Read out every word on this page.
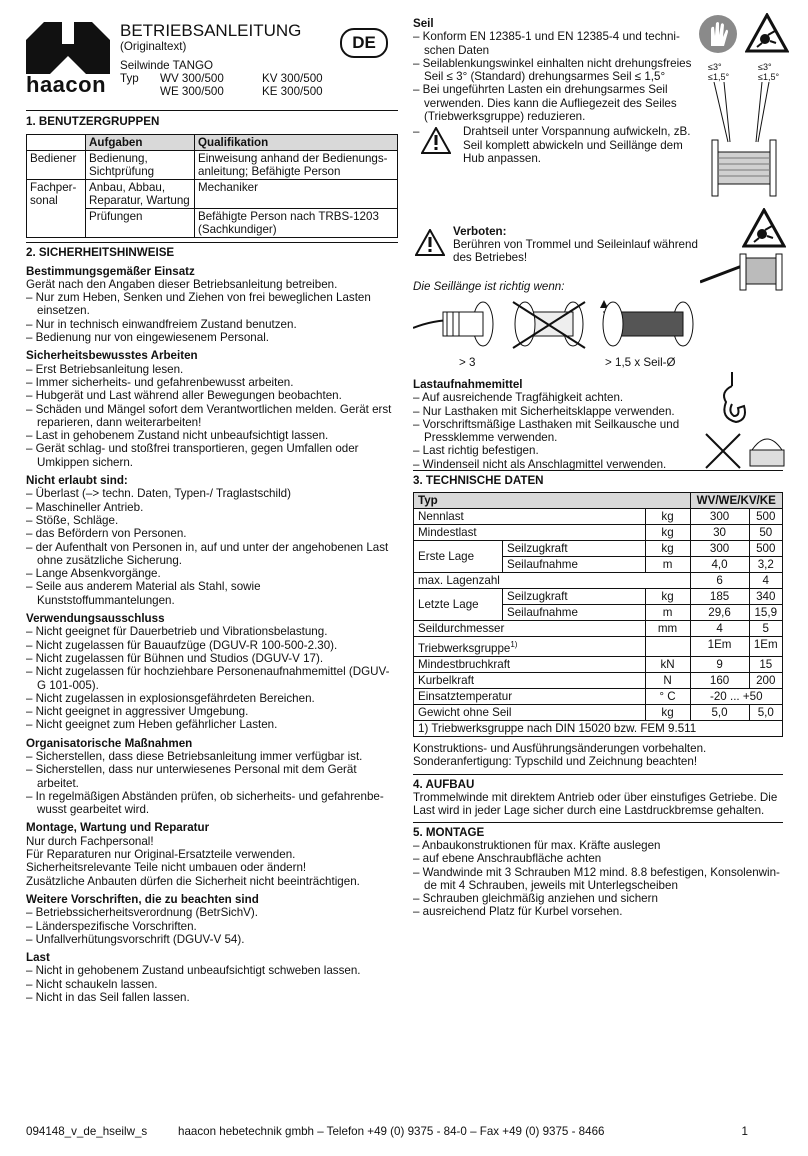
haacon
BETRIEBSANLEITUNG
(Originaltext)
Seilwinde TANGO
Typ WV 300/500	KV 300/500
WE 300/500	KE 300/500
DE

1. BENUTZERGRUPPEN

	Aufgaben	Qualifikation
Bediener	Bedienung, Sichtprüfung	Einweisung anhand der Bedienungs-anleitung; Befähigte Person
Fachper-sonal	Anbau, Abbau, Reparatur, Wartung	Mechaniker
	Prüfungen	Befähigte Person nach TRBS-1203 (Sachkundiger)

2. SICHERHEITSHINWEISE

Bestimmungsgemäßer Einsatz

Gerät nach den Angaben dieser Betriebsanleitung betreiben.

– Nur zum Heben, Senken und Ziehen von frei beweglichen Lasten einsetzen.

– Nur in technisch einwandfreiem Zustand benutzen.

– Bedienung nur von eingewiesenem Personal.

Sicherheitsbewusstes Arbeiten

– Erst Betriebsanleitung lesen.

– Immer sicherheits- und gefahrenbewusst arbeiten.

– Hubgerät und Last während aller Bewegungen beobachten.

– Schäden und Mängel sofort dem Verantwortlichen melden. Gerät erst reparieren, dann weiterarbeiten!

– Last in gehobenem Zustand nicht unbeaufsichtigt lassen.

– Gerät schlag- und stoßfrei transportieren, gegen Umfallen oder Umkippen sichern.

Nicht erlaubt sind:

– Überlast (–> techn. Daten, Typen-/ Traglastschild)

– Maschineller Antrieb.

– Stöße, Schläge.

– das Befördern von Personen.

– der Aufenthalt von Personen in, auf und unter der angehobenen Last ohne zusätzliche Sicherung.

– Lange Absenkvorgänge.

– Seile aus anderem Material als Stahl, sowie Kunststoffummantelungen.

Verwendungsausschluss

– Nicht geeignet für Dauerbetrieb und Vibrationsbelastung.

– Nicht zugelassen für Bauaufzüge (DGUV-R 100-500-2.30).

– Nicht zugelassen für Bühnen und Studios (DGUV-V 17).

– Nicht zugelassen für hochziehbare Personenaufnahmemittel (DGUV-G 101-005).

– Nicht zugelassen in explosionsgefährdeten Bereichen.

– Nicht geeignet in aggressiver Umgebung.

– Nicht geeignet zum Heben gefährlicher Lasten.

Organisatorische Maßnahmen

– Sicherstellen, dass diese Betriebsanleitung immer verfügbar ist.

– Sicherstellen, dass nur unterwiesenes Personal mit dem Gerät arbeitet.

– In regelmäßigen Abständen prüfen, ob sicherheits- und gefahrenbe-wusst gearbeitet wird.

Montage, Wartung und Reparatur

Nur durch Fachpersonal!

Für Reparaturen nur Original-Ersatzteile verwenden.

Sicherheitsrelevante Teile nicht umbauen oder ändern!

Zusätzliche Anbauten dürfen die Sicherheit nicht beeinträchtigen.

Weitere Vorschriften, die zu beachten sind

– Betriebssicherheitsverordnung (BetrSichV).

– Länderspezifische Vorschriften.

– Unfallverhütungsvorschrift (DGUV-V 54).

Last

– Nicht in gehobenem Zustand unbeaufsichtigt schweben lassen.

– Nicht schaukeln lassen.

– Nicht in das Seil fallen lassen.

Seil

– Konform EN 12385-1 und EN 12385-4 und techni-schen Daten

– Seilablenkungswinkel einhalten nicht drehungsfreies Seil ≤ 3° (Standard) drehungsarmes Seil ≤ 1,5°

– Bei ungeführten Lasten ein drehungsarmes Seil verwenden. Dies kann die Aufliegezeit des Seiles (Triebwerksgruppe) reduzieren.

–	Drahtseil unter Vorspannung aufwickeln, zB. Seil komplett abwickeln und Seillänge dem Hub anpassen.

≤3°
≤1,5°
≤3°
≤1,5°

Verboten:

Berühren von Trommel und Seileinlauf während des Betriebes!

Die Seillänge ist richtig wenn:

> 3	> 1,5 x Seil-Ø

Lastaufnahmemittel

– Auf ausreichende Tragfähigkeit achten.

– Nur Lasthaken mit Sicherheitsklappe verwenden.

– Vorschriftsmäßige Lasthaken mit Seilkausche und Pressklemme verwenden.

– Last richtig befestigen.

– Windenseil nicht als Anschlagmittel verwenden.

3. TECHNISCHE DATEN

Typ			WV/WE/KV/KE	
Nennlast		kg	300	500
Mindestlast		kg	30	50
Erste Lage	Seilzugkraft	kg	300	500
	Seilaufnahme	m	4,0	3,2
max. Lagenzahl			6	4
Letzte Lage	Seilzugkraft	kg	185	340
	Seilaufnahme	m	29,6	15,9
Seildurchmesser		mm	4	5
Triebwerksgruppe$^{1)}$			1Em	1Em
Mindestbruchkraft		kN	9	15
Kurbelkraft		N	160	200
Einsatztemperatur		° C	-20 ... +50	
Gewicht ohne Seil		kg	5,0	5,0
1) Triebwerksgruppe nach DIN 15020 bzw. FEM 9.511				

Konstruktions- und Ausführungsänderungen vorbehalten.

Sonderanfertigung: Typschild und Zeichnung beachten!

4. AUFBAU

Trommelwinde mit direktem Antrieb oder über einstufiges Getriebe. Die Last wird in jeder Lage sicher durch eine Lastdruckbremse gehalten.

5. MONTAGE

– Anbaukonstruktionen für max. Kräfte auslegen

– auf ebene Anschraubfläche achten

– Wandwinde mit 3 Schrauben M12 mind. 8.8 befestigen, Konsolenwin-de mit 4 Schrauben, jeweils mit Unterlegscheiben

– Schrauben gleichmäßig anziehen und sichern

– ausreichend Platz für Kurbel vorsehen.

094148_v_de_hseilw_s	haacon hebetechnik gmbh – Telefon +49 (0) 9375 - 84-0 – Fax +49 (0) 9375 - 8466	1
